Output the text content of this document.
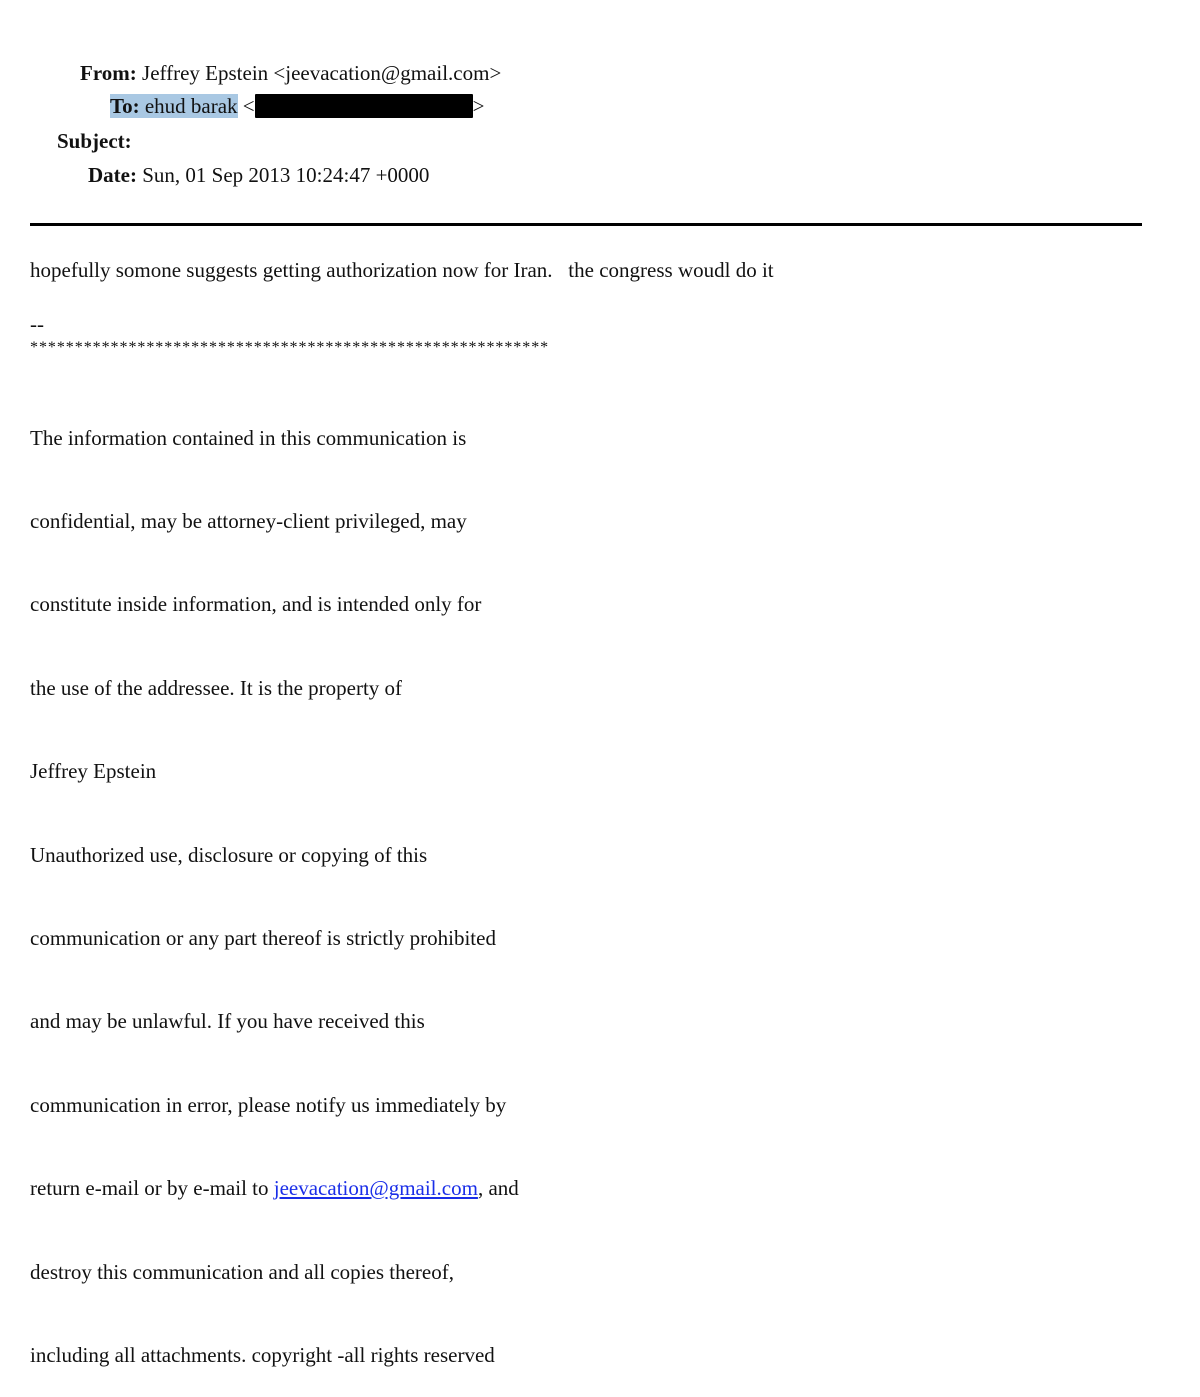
From: Jeffrey Epstein <jeevacation@gmail.com>
To: ehud barak <	>
Subject:
Date: Sun, 01 Sep 2013 10:24:47 +0000
hopefully somone suggests getting authorization now for Iran.   the congress woudl do it
--
**********************************************************

The information contained in this communication is

confidential, may be attorney-client privileged, may

constitute inside information, and is intended only for

the use of the addressee. It is the property of

Jeffrey Epstein

Unauthorized use, disclosure or copying of this

communication or any part thereof is strictly prohibited

and may be unlawful. If you have received this

communication in error, please notify us immediately by

return e-mail or by e-mail to jeevacation@gmail.com, and

destroy this communication and all copies thereof,

including all attachments. copyright -all rights reserved
